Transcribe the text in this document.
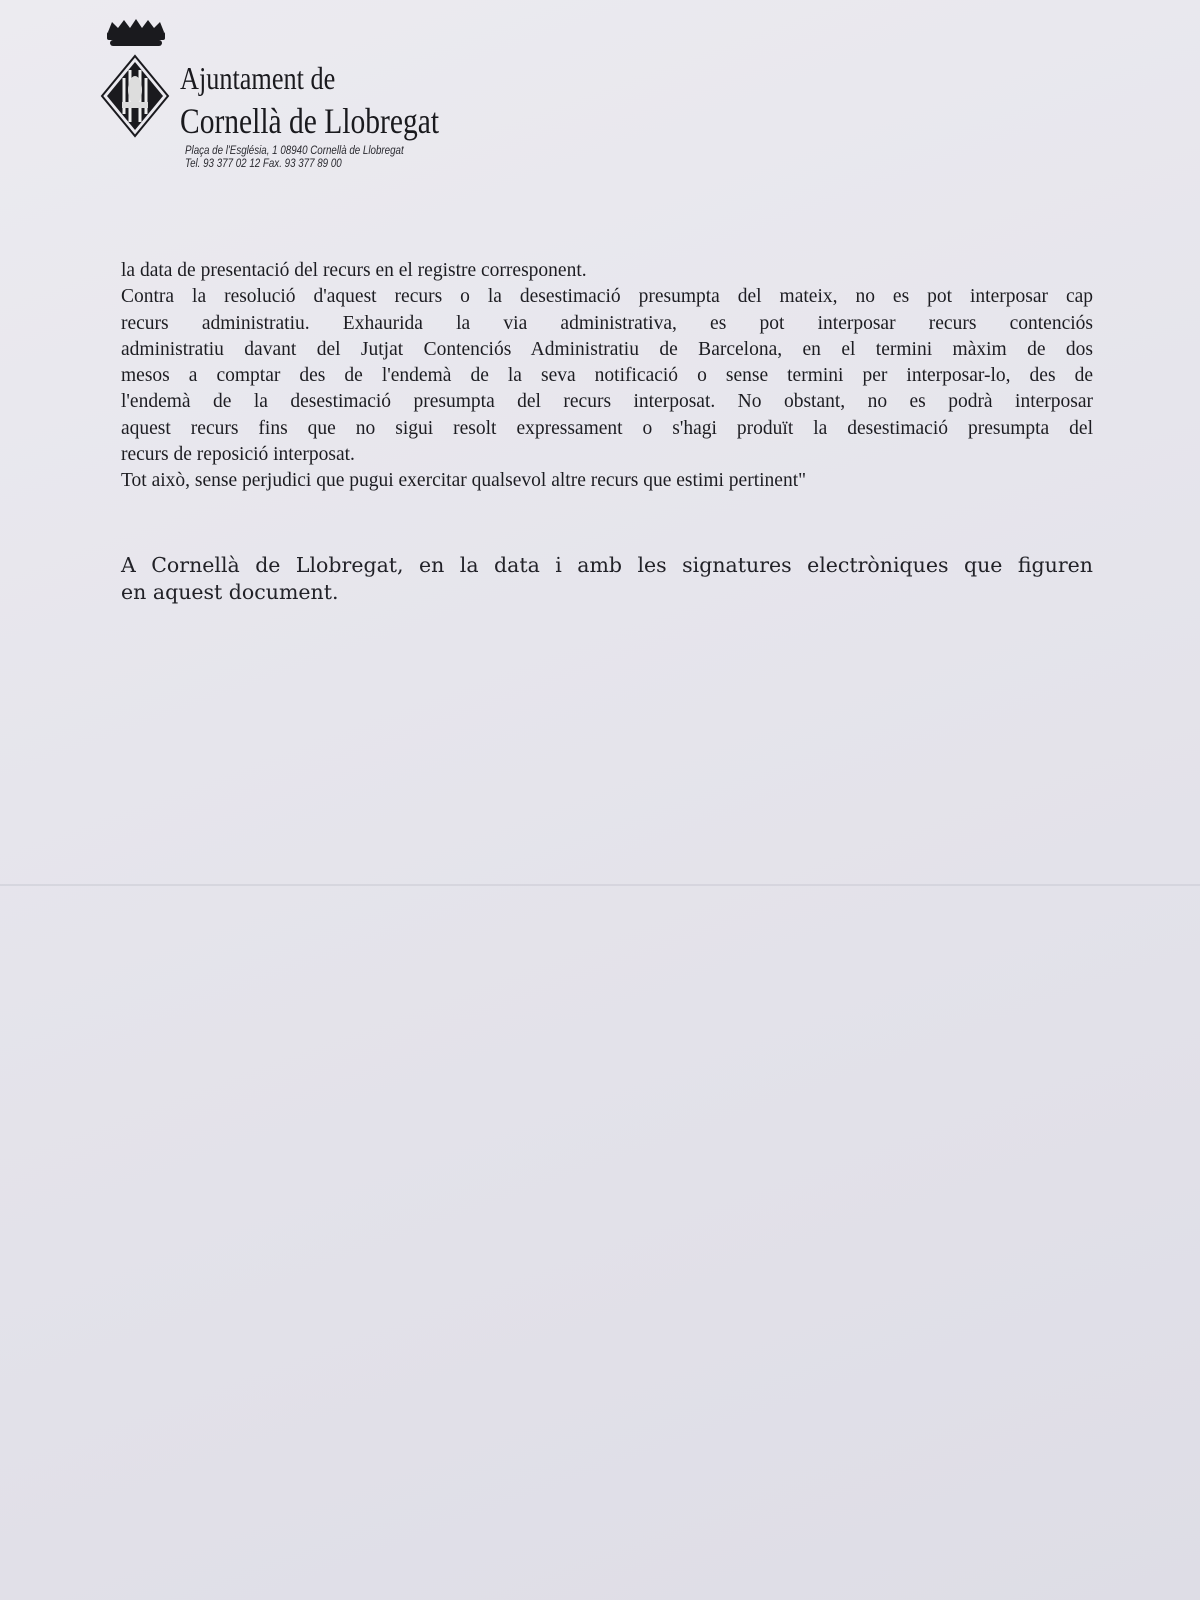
Ajuntament de
Cornellà de Llobregat
Plaça de l'Església, 1 08940 Cornellà de Llobregat
Tel. 93 377 02 12 Fax. 93 377 89 00
la data de presentació del recurs en el registre corresponent.
Contra la resolució d'aquest recurs o la desestimació presumpta del mateix, no es pot interposar cap
recurs administratiu. Exhaurida la via administrativa, es pot interposar recurs contenciós
administratiu davant del Jutjat Contenciós Administratiu de Barcelona, en el termini màxim de dos
mesos a comptar des de l'endemà de la seva notificació o sense termini per interposar-lo, des de
l'endemà de la desestimació presumpta del recurs interposat. No obstant, no es podrà interposar
aquest recurs fins que no sigui resolt expressament o s'hagi produït la desestimació presumpta del
recurs de reposició interposat.
Tot això, sense perjudici que pugui exercitar qualsevol altre recurs que estimi pertinent"
A Cornellà de Llobregat, en la data i amb les signatures electròniques que figuren
en aquest document.
